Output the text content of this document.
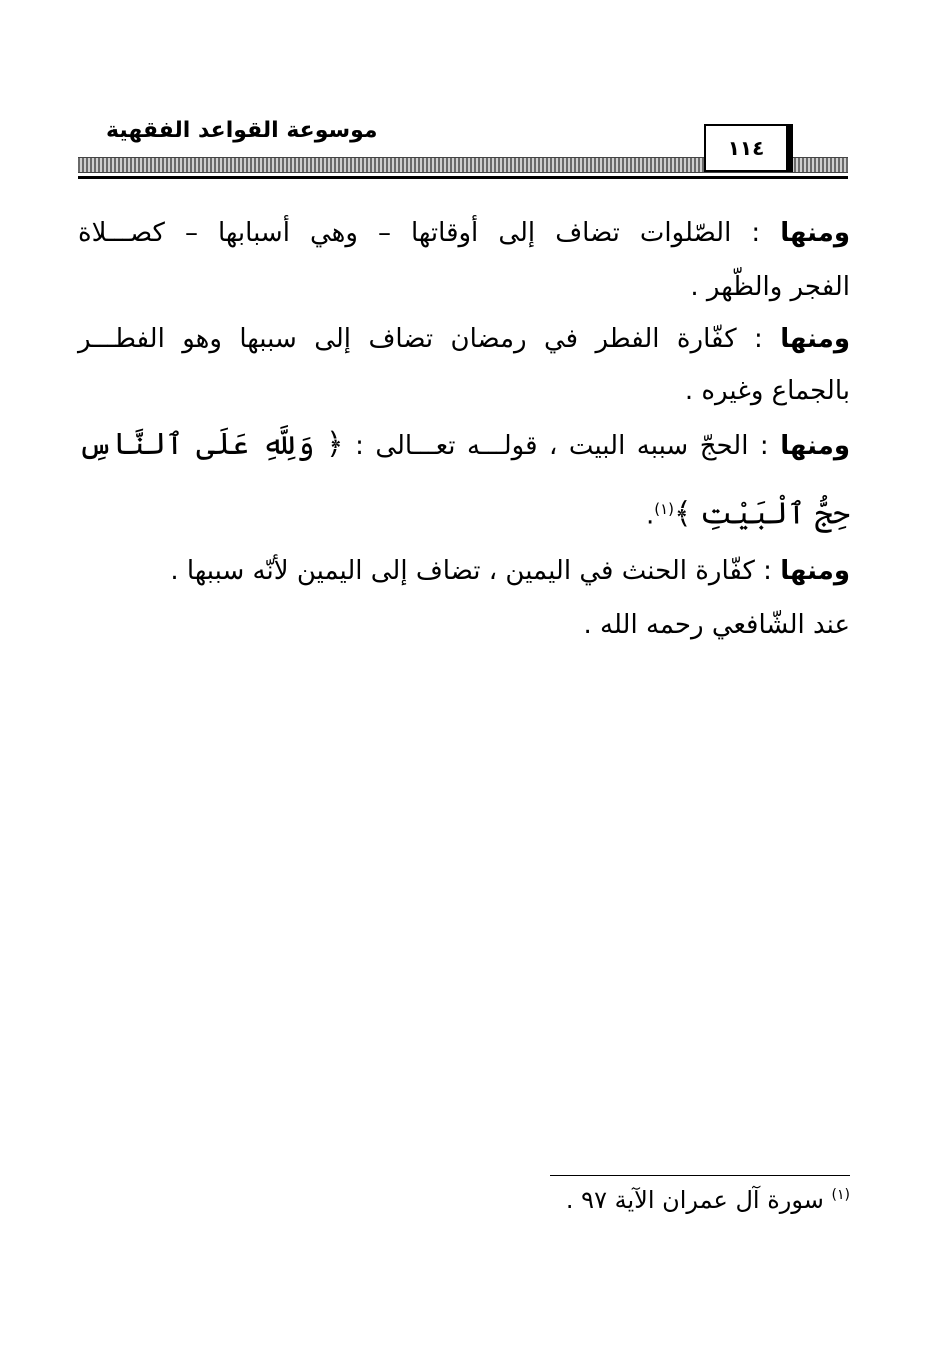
موسوعة القواعد الفقهية
١١٤
ومنها : الصّلوات تضاف إلى أوقاتها – وهي أسبابها – كصـــلاة
الفجر والظّهر .
ومنها : كفّارة الفطر في رمضان تضاف إلى سببها وهو الفطـــر
بالجماع وغيره .
ومنها : الحجّ سببه البيت ، قولـــه تعـــالى : ﴿ وَلِلَّهِ عَلَى ٱلنَّاسِ
حِجُّ ٱلْبَيْتِ ﴾$^{(١)}$.
ومنها : كفّارة الحنث في اليمين ، تضاف إلى اليمين لأنّه سببها .
عند الشّافعي رحمه الله .
$^{(١)}$ سورة آل عمران الآية ٩٧ .
